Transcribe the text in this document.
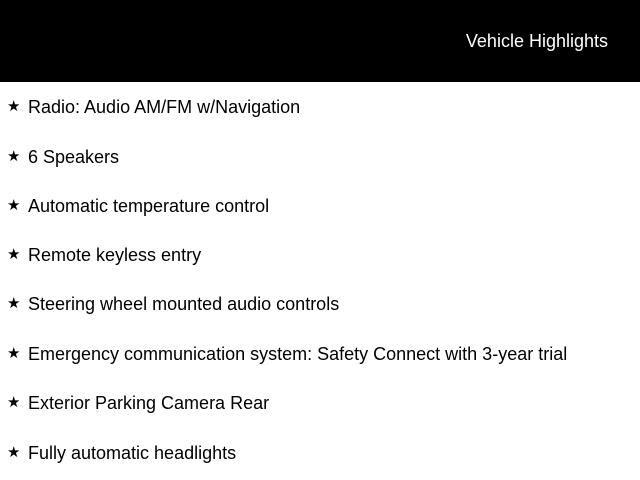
Vehicle Highlights
★ Radio: Audio AM/FM w/Navigation
★ 6 Speakers
★ Automatic temperature control
★ Remote keyless entry
★ Steering wheel mounted audio controls
★ Emergency communication system: Safety Connect with 3-year trial
★ Exterior Parking Camera Rear
★ Fully automatic headlights
